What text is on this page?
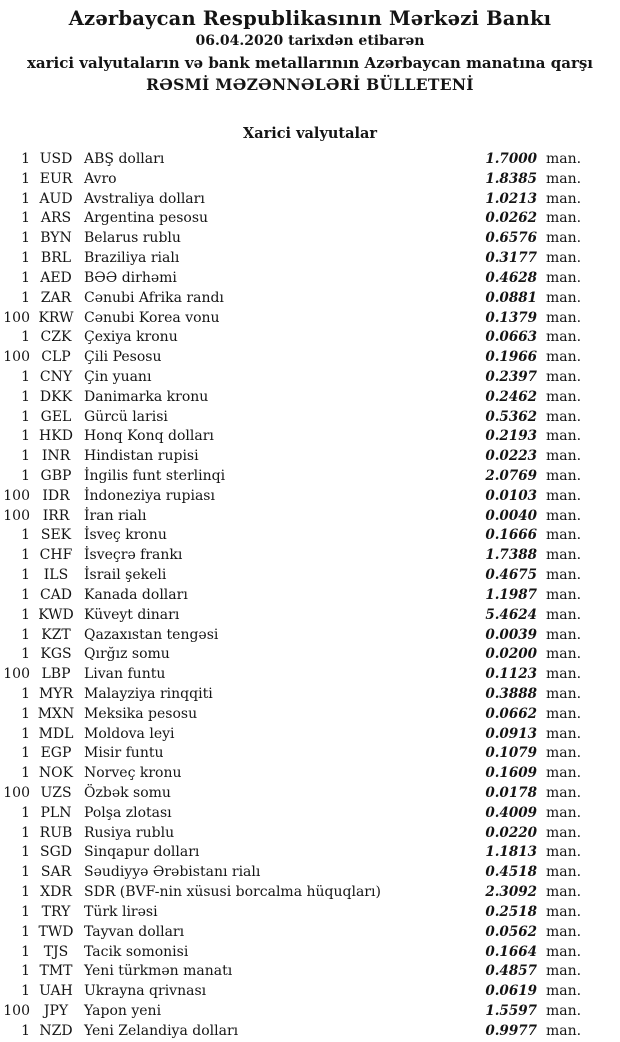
Azərbaycan Respublikasının Mərkəzi Bankı
06.04.2020 tarixdən etibarən
xarici valyutaların və bank metallarının Azərbaycan manatına qarşı
RƏSMİ MƏZƏNNƏLƏRİ BÜLLETENİ
Xarici valyutalar
1 USD ABŞ dolları	1.7000 man.
1 EUR Avro	1.8385 man.
1 AUD Avstraliya dolları	1.0213 man.
1 ARS Argentina pesosu	0.0262 man.
1 BYN Belarus rublu	0.6576 man.
1 BRL Braziliya rialı	0.3177 man.
1 AED BƏƏ dirhəmi	0.4628 man.
1 ZAR Cənubi Afrika randı	0.0881 man.
100 KRW Cənubi Korea vonu	0.1379 man.
1 CZK Çexiya kronu	0.0663 man.
100 CLP Çili Pesosu	0.1966 man.
1 CNY Çin yuanı	0.2397 man.
1 DKK Danimarka kronu	0.2462 man.
1 GEL Gürcü larisi	0.5362 man.
1 HKD Honq Konq dolları	0.2193 man.
1 INR Hindistan rupisi	0.0223 man.
1 GBP İngilis funt sterlinqi	2.0769 man.
100 IDR	İndoneziya rupiası	0.0103 man.
100 IRR	İran rialı	0.0040 man.
1 SEK İsveç kronu	0.1666 man.
1 CHF İsveçrə frankı	1.7388 man.
1 ILS	İsrail şekeli	0.4675 man.
1 CAD Kanada dolları	1.1987 man.
1 KWD Küveyt dinarı	5.4624 man.
1 KZT Qazaxıstan tengəsi	0.0039 man.
1 KGS Qırğız somu	0.0200 man.
100 LBP Livan funtu	0.1123 man.
1 MYR Malayziya rinqqiti	0.3888 man.
1 MXN Meksika pesosu	0.0662 man.
1 MDL Moldova leyi	0.0913 man.
1 EGP Misir funtu	0.1079 man.
1 NOK Norveç kronu	0.1609 man.
100 UZS Özbək somu	0.0178 man.
1 PLN Polşa zlotası	0.4009 man.
1 RUB Rusiya rublu	0.0220 man.
1 SGD Sinqapur dolları	1.1813 man.
1 SAR Səudiyyə Ərəbistanı rialı	0.4518 man.
1 XDR SDR (BVF-nin xüsusi borcalma hüquqları)	2.3092 man.
1 TRY Türk lirəsi	0.2518 man.
1 TWD Tayvan dolları	0.0562 man.
1 TJS	Tacik somonisi	0.1664 man.
1 TMT Yeni türkmən manatı	0.4857 man.
1 UAH Ukrayna qrivnası	0.0619 man.
100 JPY	Yapon yeni	1.5597 man.
1 NZD Yeni Zelandiya dolları	0.9977 man.
